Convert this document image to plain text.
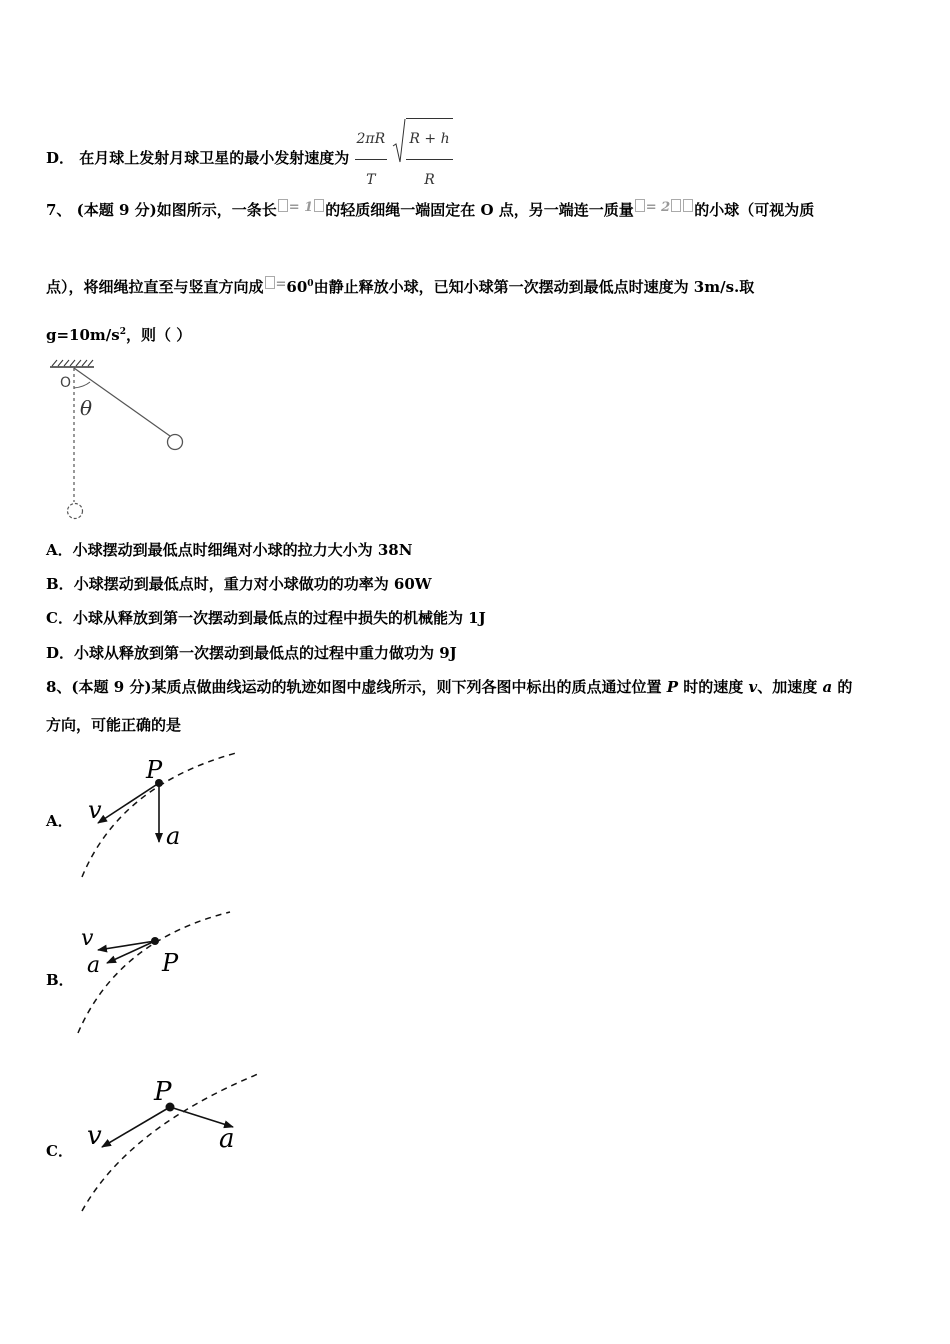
D． 在月球上发射月球卫星的最小发射速度为 $\frac{2\pi R}{T}$
$\frac{R + h}{R}$
7、 (本题 9 分)如图所示，一条长 = 1 的轻质细绳一端固定在 O 点，另一端连一质量 = 2 的小球（可视为质
点），将细绳拉直至与竖直方向成 $=60^0$由静止释放小球，已知小球第一次摆动到最低点时速度为 3m/s.取
$g=10m/s^2$，则（ ）
O
θ
A．小球摆动到最低点时细绳对小球的拉力大小为 38N
B．小球摆动到最低点时，重力对小球做功的功率为 60W
C．小球从释放到第一次摆动到最低点的过程中损失的机械能为 1J
D．小球从释放到第一次摆动到最低点的过程中重力做功为 9J
8、(本题 9 分)某质点做曲线运动的轨迹如图中虚线所示，则下列各图中标出的质点通过位置 P 时的速度 v、加速度 a 的
方向，可能正确的是
A．
P
v
a
B．
P
v
a
C．
P
v	a
